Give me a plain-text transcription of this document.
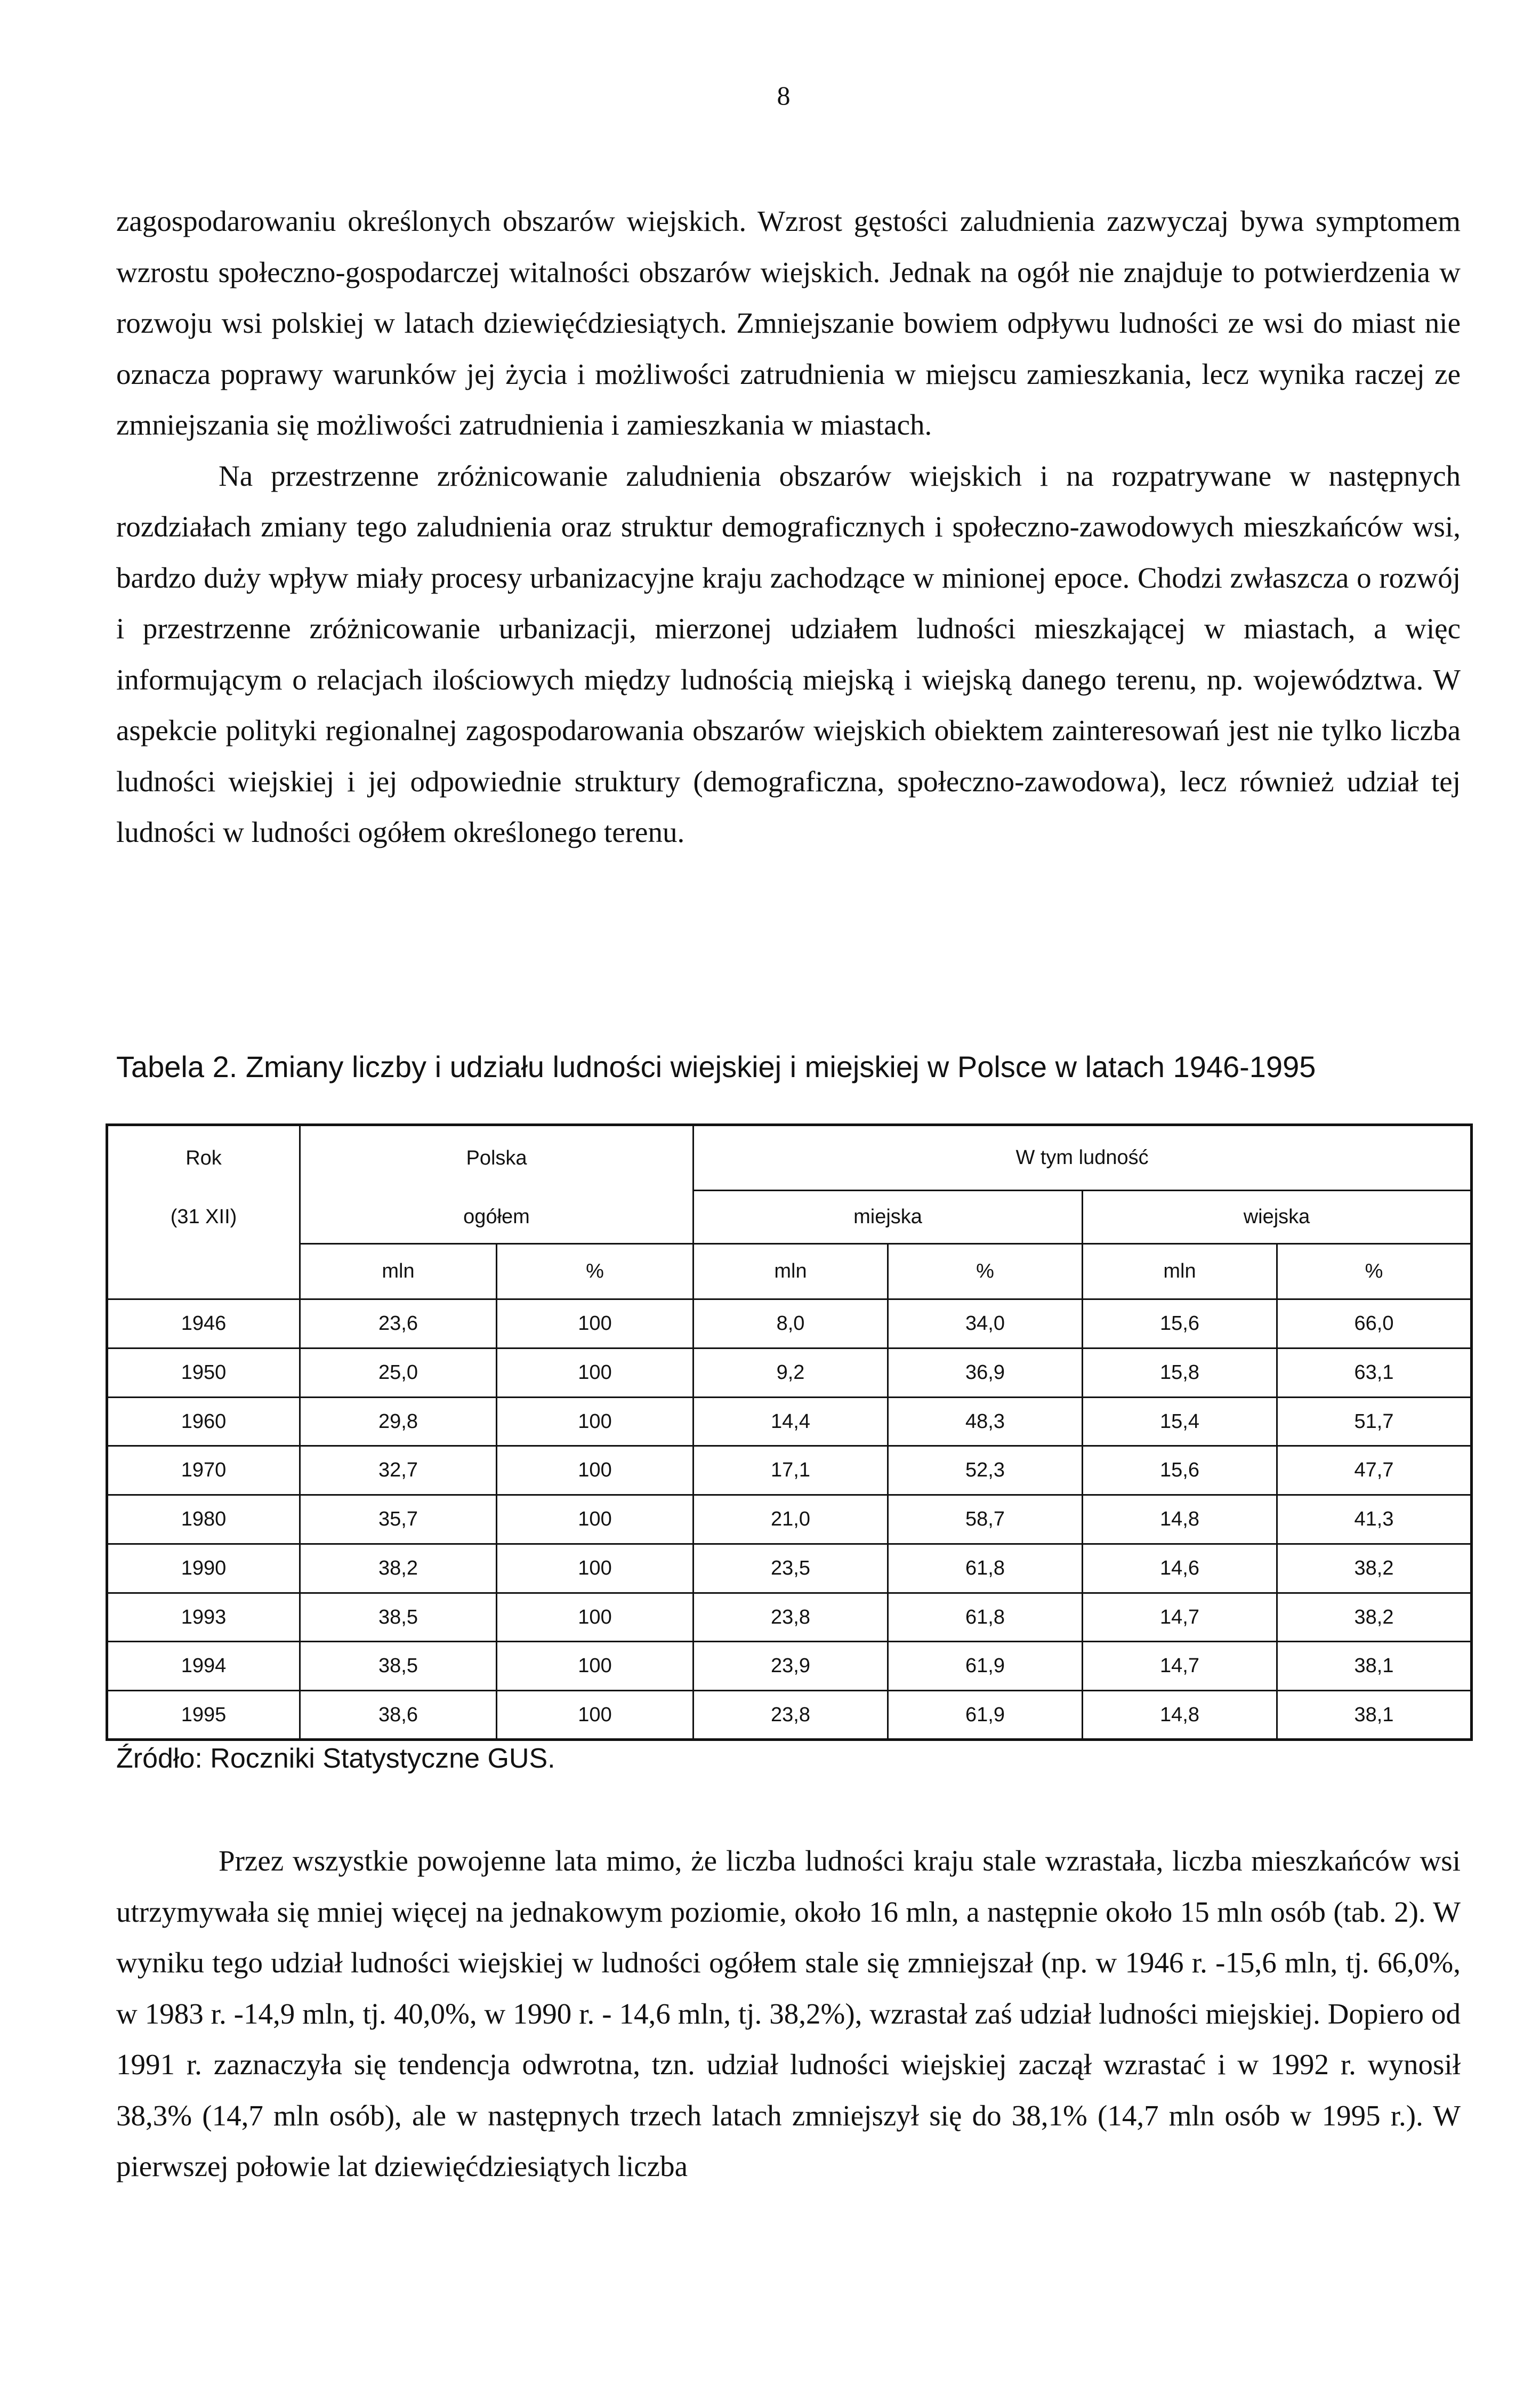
8

zagospodarowaniu określonych obszarów wiejskich. Wzrost gęstości zaludnienia zazwyczaj bywa symptomem wzrostu społeczno-gospodarczej witalności obszarów wiejskich. Jednak na ogół nie znajduje to potwierdzenia w rozwoju wsi polskiej w latach dziewięćdziesiątych. Zmniejszanie bowiem odpływu ludności ze wsi do miast nie oznacza poprawy warunków jej życia i możliwości zatrudnienia w miejscu zamieszkania, lecz wynika raczej ze zmniejszania się możliwości zatrudnienia i zamieszkania w miastach.

Na przestrzenne zróżnicowanie zaludnienia obszarów wiejskich i na rozpatrywane w następnych rozdziałach zmiany tego zaludnienia oraz struktur demograficznych i społeczno-zawodowych mieszkańców wsi, bardzo duży wpływ miały procesy urbanizacyjne kraju zachodzące w minionej epoce. Chodzi zwłaszcza o rozwój i przestrzenne zróżnicowanie urbanizacji, mierzonej udziałem ludności mieszkającej w miastach, a więc informującym o relacjach ilościowych między ludnością miejską i wiejską danego terenu, np. województwa. W aspekcie polityki regionalnej zagospodarowania obszarów wiejskich obiektem zainteresowań jest nie tylko liczba ludności wiejskiej i jej odpowiednie struktury (demograficzna, społeczno-zawodowa), lecz również udział tej ludności w ludności ogółem określonego terenu.

Tabela 2. Zmiany liczby i udziału ludności wiejskiej i miejskiej w Polsce w latach 1946-1995
Rok	Polska		W tym ludność			
(31 XII)	ogółem		miejska		wiejska	
	mln	%	mln	%	mln	%
1946	23,6	100	8,0	34,0	15,6	66,0
1950	25,0	100	9,2	36,9	15,8	63,1
1960	29,8	100	14,4	48,3	15,4	51,7
1970	32,7	100	17,1	52,3	15,6	47,7
1980	35,7	100	21,0	58,7	14,8	41,3
1990	38,2	100	23,5	61,8	14,6	38,2
1993	38,5	100	23,8	61,8	14,7	38,2
1994	38,5	100	23,9	61,9	14,7	38,1
1995	38,6	100	23,8	61,9	14,8	38,1
Źródło: Roczniki Statystyczne GUS.

Przez wszystkie powojenne lata mimo, że liczba ludności kraju stale wzrastała, liczba mieszkańców wsi utrzymywała się mniej więcej na jednakowym poziomie, około 16 mln, a następnie około 15 mln osób (tab. 2). W wyniku tego udział ludności wiejskiej w ludności ogółem stale się zmniejszał (np. w 1946 r. -15,6 mln, tj. 66,0%, w 1983 r. -14,9 mln, tj. 40,0%, w 1990 r. - 14,6 mln, tj. 38,2%), wzrastał zaś udział ludności miejskiej. Dopiero od 1991 r. zaznaczyła się tendencja odwrotna, tzn. udział ludności wiejskiej zaczął wzrastać i w 1992 r. wynosił 38,3% (14,7 mln osób), ale w następnych trzech latach zmniejszył się do 38,1% (14,7 mln osób w 1995 r.). W pierwszej połowie lat dziewięćdziesiątych liczba
